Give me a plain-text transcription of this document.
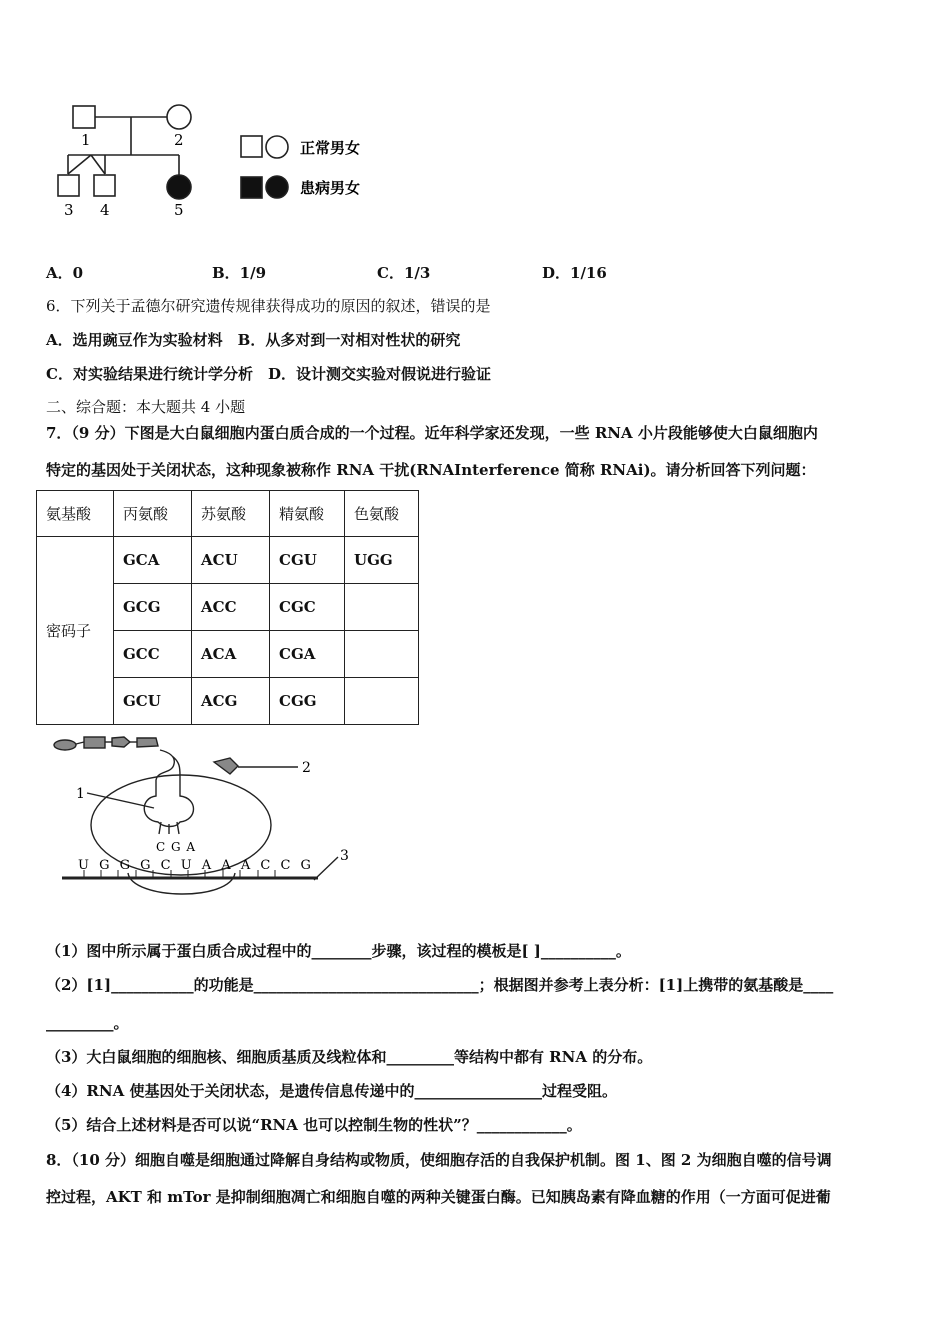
1	2
3 4	5
正常男女
患病男女
A．0	B．1/9	C．1/3	D．1/16
6．下列关于孟德尔研究遗传规律获得成功的原因的叙述，错误的是
A．选用豌豆作为实验材料　B．从多对到一对相对性状的研究
C．对实验结果进行统计学分析　D．设计测交实验对假说进行验证
二、综合题：本大题共 4 小题
7．（9 分）下图是大白鼠细胞内蛋白质合成的一个过程。近年科学家还发现，一些 RNA 小片段能够使大白鼠细胞内
特定的基因处于关闭状态，这种现象被称作 RNA 干扰(RNAInterference 简称 RNAi)。请分析回答下列问题：
氨基酸	丙氨酸	苏氨酸	精氨酸	色氨酸
密码子	GCA	ACU	CGU	UGG
	GCG	ACC	CGC	
	GCC	ACA	CGA	
	GCU	ACG	CGG	
1
2
3
C G A
U G G G C U A A A C C G
（1）图中所示属于蛋白质合成过程中的________步骤，该过程的模板是[ ]__________。
（2）[1]___________的功能是______________________________；根据图并参考上表分析：[1]上携带的氨基酸是____
_________。
（3）大白鼠细胞的细胞核、细胞质基质及线粒体和_________等结构中都有 RNA 的分布。
（4）RNA 使基因处于关闭状态，是遗传信息传递中的_________________过程受阻。
（5）结合上述材料是否可以说“RNA 也可以控制生物的性状”？____________。
8．（10 分）细胞自噬是细胞通过降解自身结构或物质，使细胞存活的自我保护机制。图 1、图 2 为细胞自噬的信号调
控过程，AKT 和 mTor 是抑制细胞凋亡和细胞自噬的两种关键蛋白酶。已知胰岛素有降血糖的作用（一方面可促进葡
